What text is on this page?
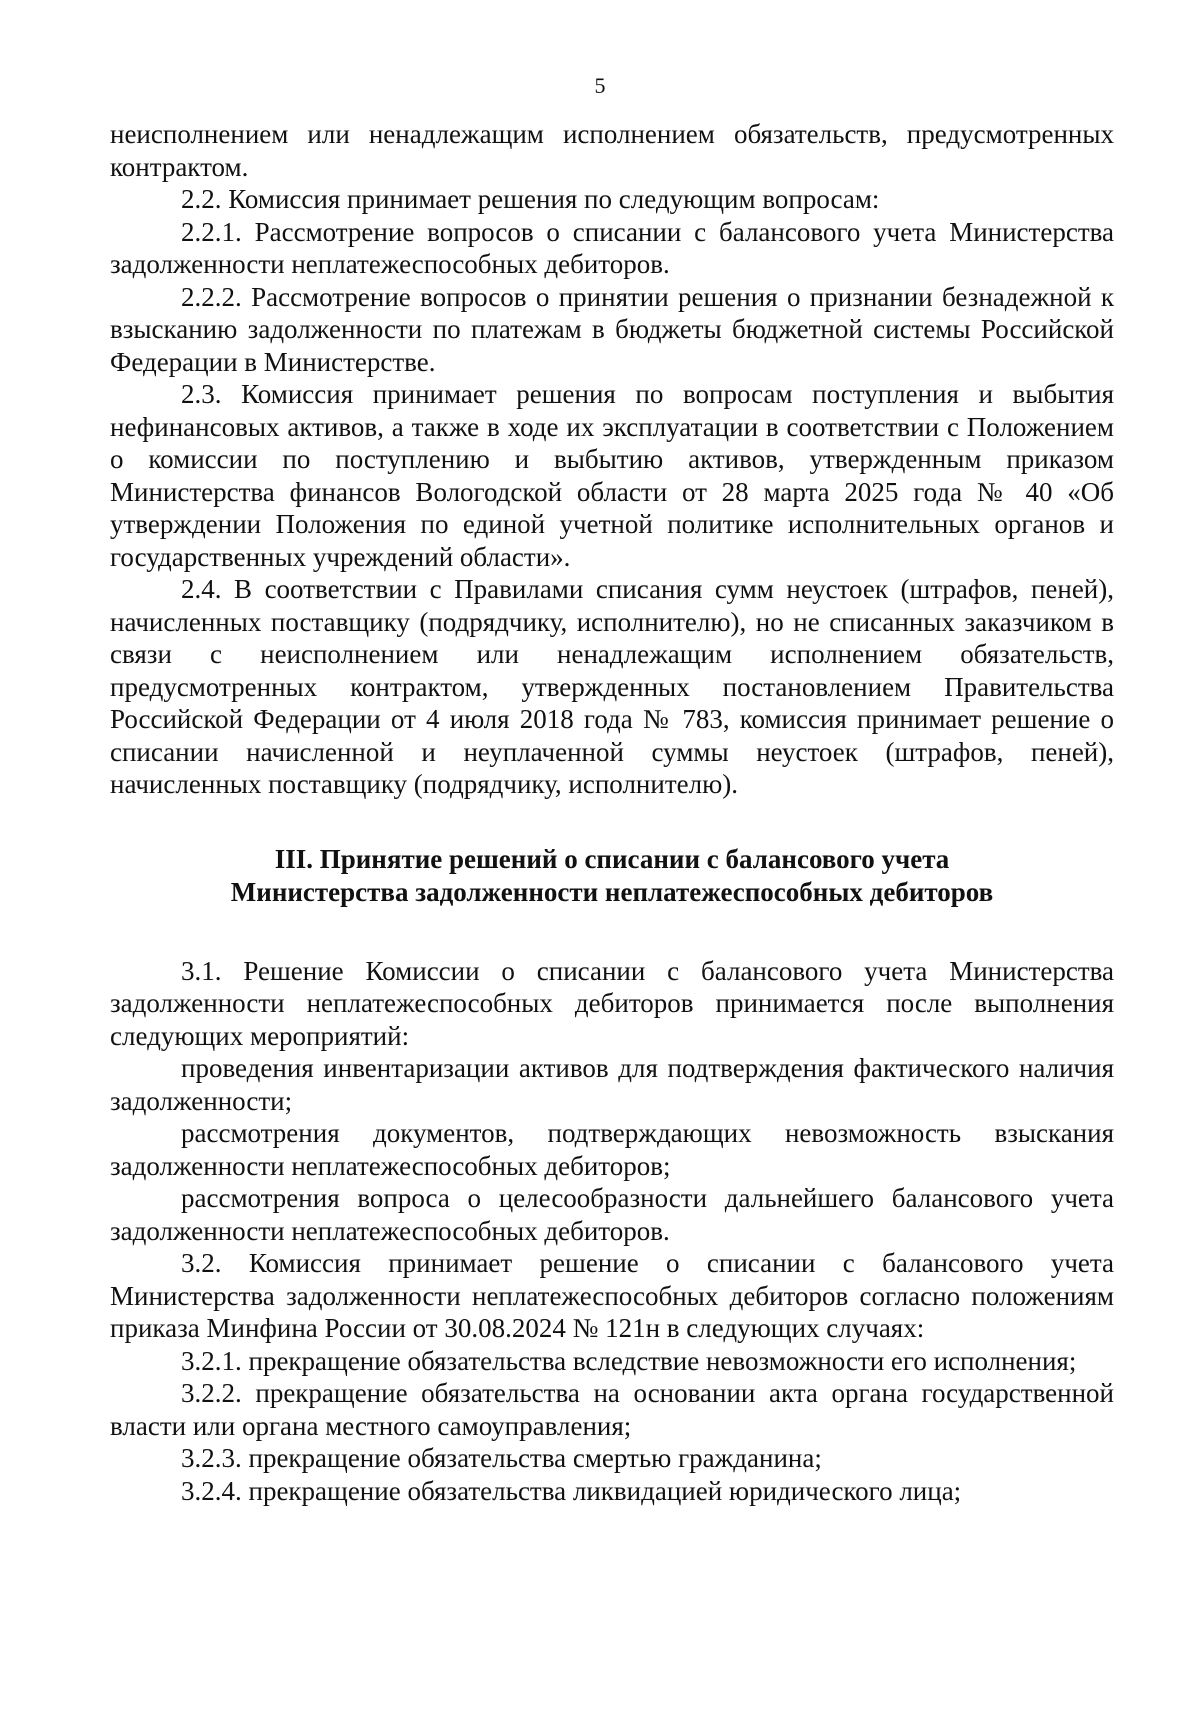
5

неисполнением или ненадлежащим исполнением обязательств, предусмотренных контрактом.

2.2. Комиссия принимает решения по следующим вопросам:

2.2.1. Рассмотрение вопросов о списании с балансового учета Министерства задолженности неплатежеспособных дебиторов.

2.2.2. Рассмотрение вопросов о принятии решения о признании безнадежной к взысканию задолженности по платежам в бюджеты бюджетной системы Российской Федерации в Министерстве.

2.3. Комиссия принимает решения по вопросам поступления и выбытия нефинансовых активов, а также в ходе их эксплуатации в соответствии с Положением о комиссии по поступлению и выбытию активов, утвержденным приказом Министерства финансов Вологодской области от 28 марта 2025 года № 40 «Об утверждении Положения по единой учетной политике исполнительных органов и государственных учреждений области».

2.4. В соответствии с Правилами списания сумм неустоек (штрафов, пеней), начисленных поставщику (подрядчику, исполнителю), но не списанных заказчиком в связи с неисполнением или ненадлежащим исполнением обязательств, предусмотренных контрактом, утвержденных постановлением Правительства Российской Федерации от 4 июля 2018 года № 783, комиссия принимает решение о списании начисленной и неуплаченной суммы неустоек (штрафов, пеней), начисленных поставщику (подрядчику, исполнителю).

III. Принятие решений о списании с балансового учета
Министерства задолженности неплатежеспособных дебиторов

3.1. Решение Комиссии о списании с балансового учета Министерства задолженности неплатежеспособных дебиторов принимается после выполнения следующих мероприятий:

проведения инвентаризации активов для подтверждения фактического наличия задолженности;

рассмотрения документов, подтверждающих невозможность взыскания задолженности неплатежеспособных дебиторов;

рассмотрения вопроса о целесообразности дальнейшего балансового учета задолженности неплатежеспособных дебиторов.

3.2. Комиссия принимает решение о списании с балансового учета Министерства задолженности неплатежеспособных дебиторов согласно положениям приказа Минфина России от 30.08.2024 № 121н в следующих случаях:

3.2.1. прекращение обязательства вследствие невозможности его исполнения;

3.2.2. прекращение обязательства на основании акта органа государственной власти или органа местного самоуправления;

3.2.3. прекращение обязательства смертью гражданина;

3.2.4. прекращение обязательства ликвидацией юридического лица;
